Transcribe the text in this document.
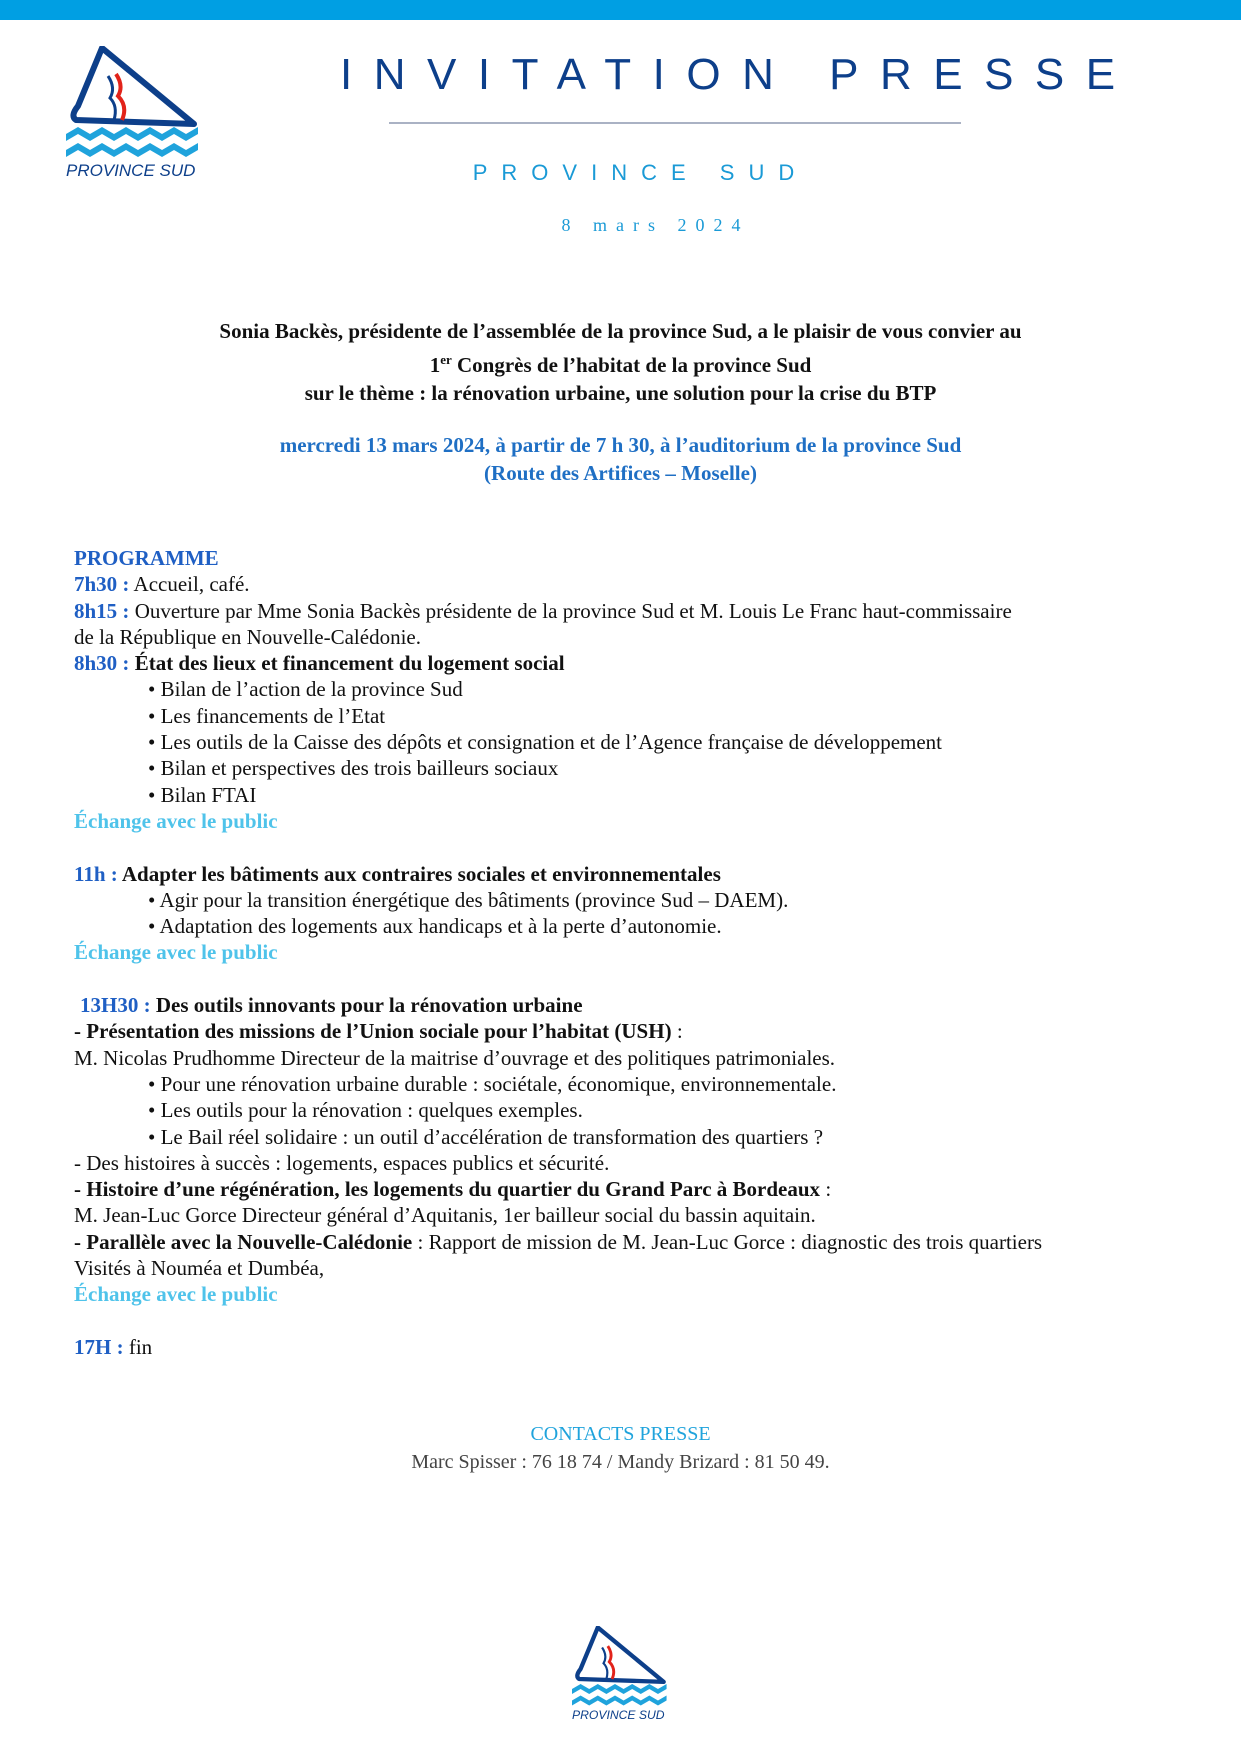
PROVINCE SUD
INVITATION PRESSE
PROVINCE SUD
8 mars 2024
Sonia Backès, présidente de l’assemblée de la province Sud, a le plaisir de vous convier au
1er Congrès de l’habitat de la province Sud
sur le thème : la rénovation urbaine, une solution pour la crise du BTP
mercredi 13 mars 2024, à partir de 7 h 30, à l’auditorium de la province Sud
(Route des Artifices – Moselle)
PROGRAMME
7h30 : Accueil, café.
8h15 : Ouverture par Mme Sonia Backès présidente de la province Sud et M. Louis Le Franc haut-commissaire
de la République en Nouvelle-Calédonie.
8h30 : État des lieux et financement du logement social
• Bilan de l’action de la province Sud
• Les financements de l’Etat
• Les outils de la Caisse des dépôts et consignation et de l’Agence française de développement
• Bilan et perspectives des trois bailleurs sociaux
• Bilan FTAI
Échange avec le public
11h : Adapter les bâtiments aux contraires sociales et environnementales
• Agir pour la transition énergétique des bâtiments (province Sud – DAEM).
• Adaptation des logements aux handicaps et à la perte d’autonomie.
Échange avec le public
13H30 : Des outils innovants pour la rénovation urbaine
- Présentation des missions de l’Union sociale pour l’habitat (USH) :
M. Nicolas Prudhomme Directeur de la maitrise d’ouvrage et des politiques patrimoniales.
• Pour une rénovation urbaine durable : sociétale, économique, environnementale.
• Les outils pour la rénovation : quelques exemples.
• Le Bail réel solidaire : un outil d’accélération de transformation des quartiers ?
- Des histoires à succès : logements, espaces publics et sécurité.
- Histoire d’une régénération, les logements du quartier du Grand Parc à Bordeaux :
M. Jean-Luc Gorce Directeur général d’Aquitanis, 1er bailleur social du bassin aquitain.
- Parallèle avec la Nouvelle-Calédonie : Rapport de mission de M. Jean-Luc Gorce : diagnostic des trois quartiers
Visités à Nouméa et Dumbéa,
Échange avec le public
17H : fin
CONTACTS PRESSE
Marc Spisser : 76 18 74 / Mandy Brizard : 81 50 49.
PROVINCE SUD
